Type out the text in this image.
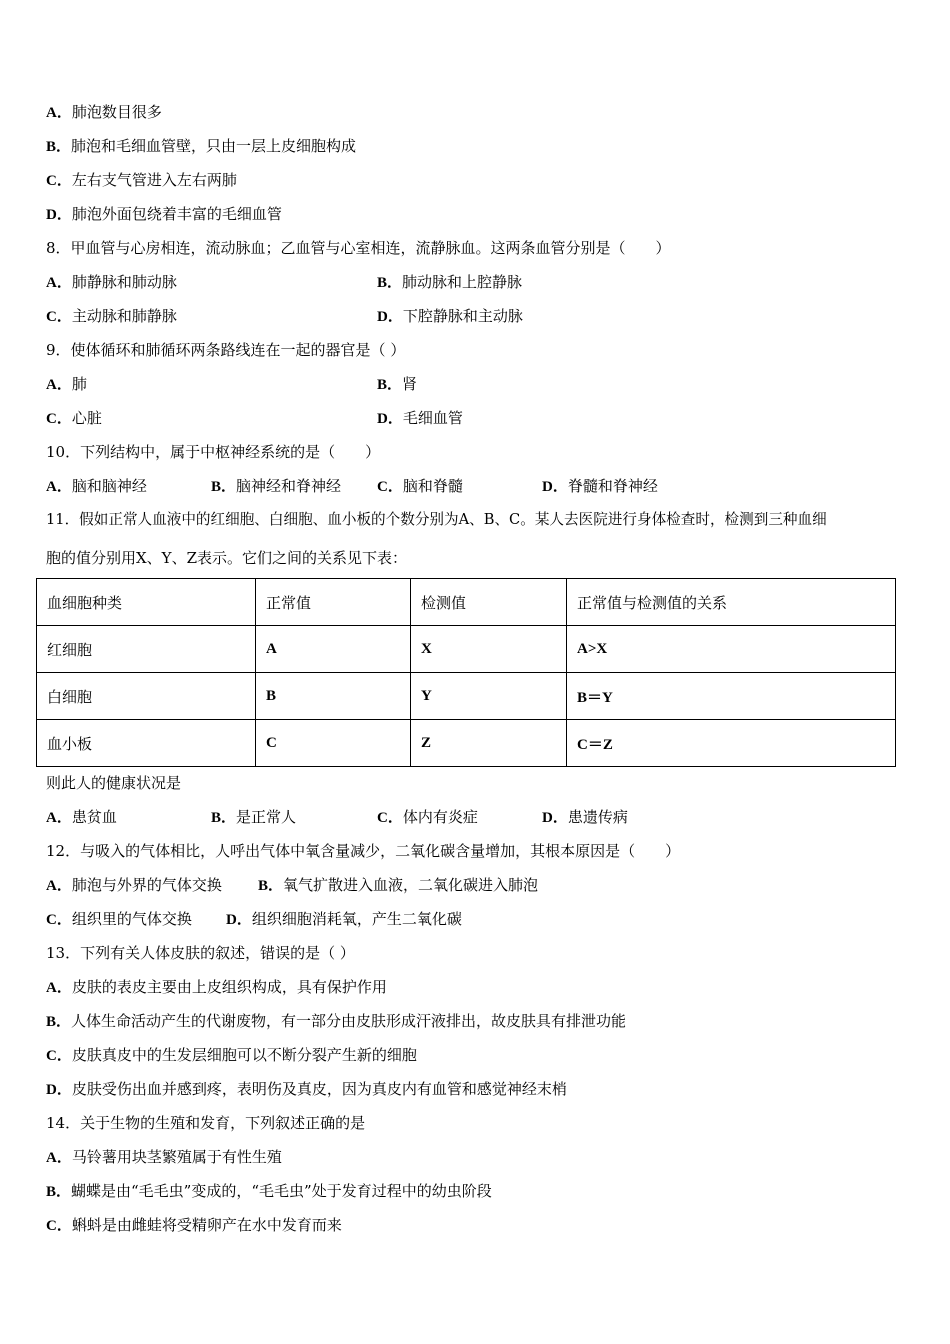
A．肺泡数目很多
B．肺泡和毛细血管壁，只由一层上皮细胞构成
C．左右支气管进入左右两肺
D．肺泡外面包绕着丰富的毛细血管
8．甲血管与心房相连，流动脉血；乙血管与心室相连，流静脉血。这两条血管分别是（　　）
A．肺静脉和肺动脉	B．肺动脉和上腔静脉
C．主动脉和肺静脉	D．下腔静脉和主动脉
9．使体循环和肺循环两条路线连在一起的器官是（ ）
A．肺	B．肾
C．心脏	D．毛细血管
10．下列结构中，属于中枢神经系统的是（　　）
A．脑和脑神经	B．脑神经和脊神经 C．脑和脊髓	D．脊髓和脊神经
11．假如正常人血液中的红细胞、白细胞、血小板的个数分别为A、B、C。某人去医院进行身体检查时，检测到三种血细
胞的值分别用X、Y、Z表示。它们之间的关系见下表：
血细胞种类	正常值	检测值	正常值与检测值的关系
红细胞	A	X	A>X
白细胞	B	Y	B＝Y
血小板	C	Z	C＝Z
则此人的健康状况是
A．患贫血	B．是正常人	C．体内有炎症	D．患遗传病
12．与吸入的气体相比，人呼出气体中氧含量减少，二氧化碳含量增加，其根本原因是（　　）
A．肺泡与外界的气体交换 B．氧气扩散进入血液，二氧化碳进入肺泡
C．组织里的气体交换 D．组织细胞消耗氧，产生二氧化碳
13．下列有关人体皮肤的叙述，错误的是（ ）
A．皮肤的表皮主要由上皮组织构成，具有保护作用
B．人体生命活动产生的代谢废物，有一部分由皮肤形成汗液排出，故皮肤具有排泄功能
C．皮肤真皮中的生发层细胞可以不断分裂产生新的细胞
D．皮肤受伤出血并感到疼，表明伤及真皮，因为真皮内有血管和感觉神经末梢
14．关于生物的生殖和发育，下列叙述正确的是
A．马铃薯用块茎繁殖属于有性生殖
B．蝴蝶是由“毛毛虫”变成的，“毛毛虫”处于发育过程中的幼虫阶段
C．蝌蚪是由雌蛙将受精卵产在水中发育而来
